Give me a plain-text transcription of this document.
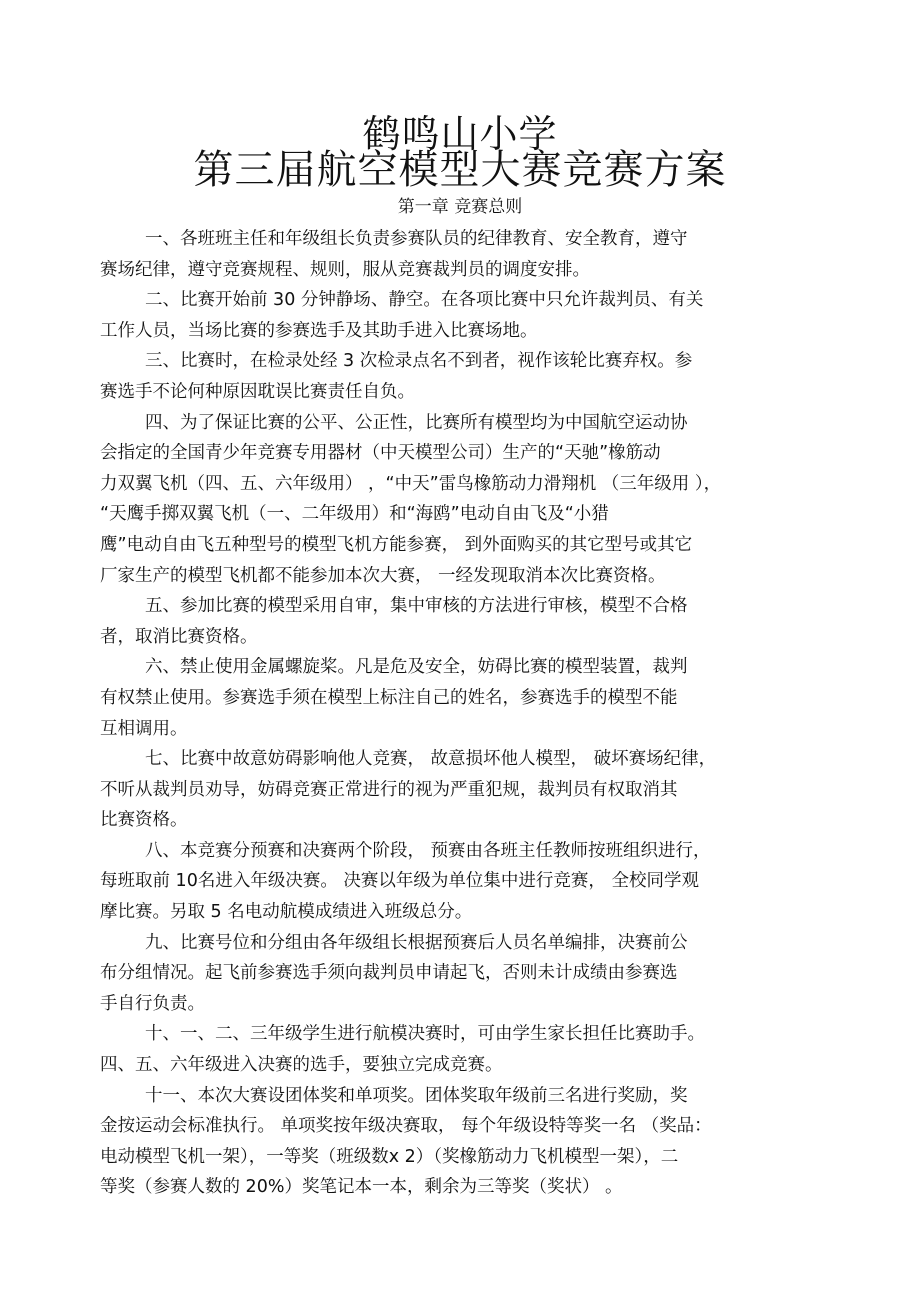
鹤鸣山小学
第三届航空模型大赛竞赛方案
第一章 竞赛总则
一、各班班主任和年级组长负责参赛队员的纪律教育、安全教育，遵守
赛场纪律，遵守竞赛规程、规则，服从竞赛裁判员的调度安排。
二、比赛开始前 30 分钟静场、静空。在各项比赛中只允许裁判员、有关
工作人员，当场比赛的参赛选手及其助手进入比赛场地。
三、比赛时，在检录处经 3 次检录点名不到者，视作该轮比赛弃权。参
赛选手不论何种原因耽误比赛责任自负。
四、为了保证比赛的公平、公正性，比赛所有模型均为中国航空运动协
会指定的全国青少年竞赛专用器材（中天模型公司）生产的“天驰”橡筋动
力双翼飞机（四、五、六年级用） ，“中天”雷鸟橡筋动力滑翔机 （三年级用 ），
“天鹰手掷双翼飞机（一、二年级用）和“海鸥”电动自由飞及“小猎
鹰”电动自由飞五种型号的模型飞机方能参赛， 到外面购买的其它型号或其它
厂家生产的模型飞机都不能参加本次大赛， 一经发现取消本次比赛资格。
五、参加比赛的模型采用自审，集中审核的方法进行审核，模型不合格
者，取消比赛资格。
六、禁止使用金属螺旋桨。凡是危及安全，妨碍比赛的模型装置，裁判
有权禁止使用。参赛选手须在模型上标注自己的姓名，参赛选手的模型不能
互相调用。
七、比赛中故意妨碍影响他人竞赛， 故意损坏他人模型， 破坏赛场纪律，
不听从裁判员劝导，妨碍竞赛正常进行的视为严重犯规，裁判员有权取消其
比赛资格。
八、本竞赛分预赛和决赛两个阶段， 预赛由各班主任教师按班组织进行，
每班取前 10名进入年级决赛。 决赛以年级为单位集中进行竞赛， 全校同学观
摩比赛。另取 5 名电动航模成绩进入班级总分。
九、比赛号位和分组由各年级组长根据预赛后人员名单编排，决赛前公
布分组情况。起飞前参赛选手须向裁判员申请起飞，否则未计成绩由参赛选
手自行负责。
十、一、二、三年级学生进行航模决赛时，可由学生家长担任比赛助手。
四、五、六年级进入决赛的选手，要独立完成竞赛。
十一、本次大赛设团体奖和单项奖。团体奖取年级前三名进行奖励，奖
金按运动会标准执行。 单项奖按年级决赛取， 每个年级设特等奖一名 （奖品：
电动模型飞机一架），一等奖（班级数x 2）（奖橡筋动力飞机模型一架），二
等奖（参赛人数的 20%）奖笔记本一本，剩余为三等奖（奖状） 。
